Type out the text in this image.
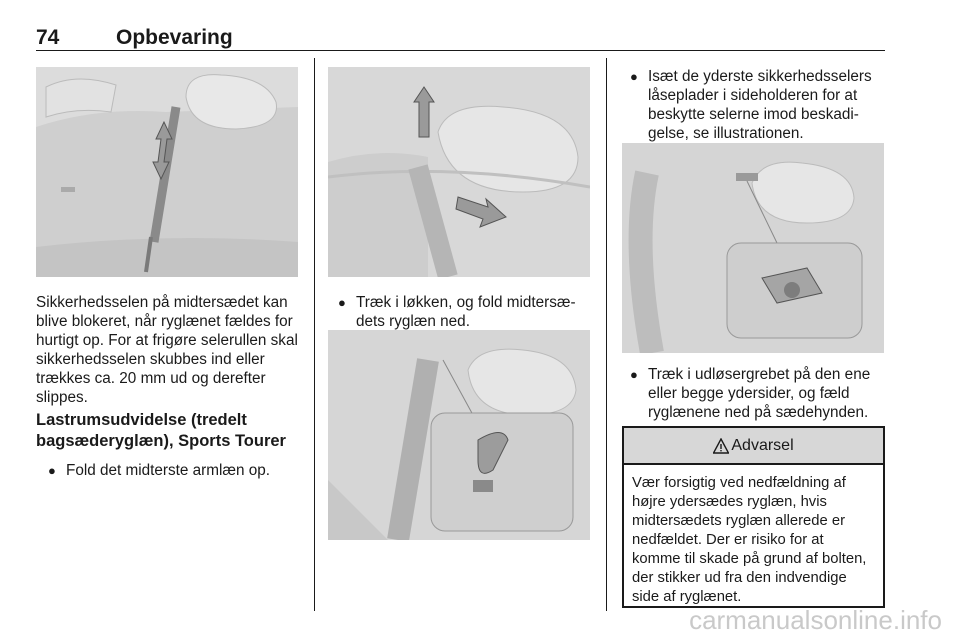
74	Opbevaring
Sikkerhedsselen på midtersædet kan blive blokeret, når ryglænet fældes for hurtigt op. For at frigøre selerullen skal sikkerhedsselen skubbes ind eller trækkes ca. 20 mm ud og derefter slippes.
Lastrumsudvidelse (tredelt bagsæderyglæn), Sports Tourer
● Fold det midterste armlæn op.
● Træk i løkken, og fold midtersæ-dets ryglæn ned.
● Isæt de yderste sikkerhedsselers låseplader i sideholderen for at beskytte selerne imod beskadi-gelse, se illustrationen.
● Træk i udløsergrebet på den ene eller begge ydersider, og fæld ryglænene ned på sædehynden.
Advarsel
Vær forsigtig ved nedfældning af højre ydersædes ryglæn, hvis midtersædets ryglæn allerede er nedfældet. Der er risiko for at komme til skade på grund af bolten, der stikker ud fra den indvendige side af ryglænet.
carmanualsonline.info
